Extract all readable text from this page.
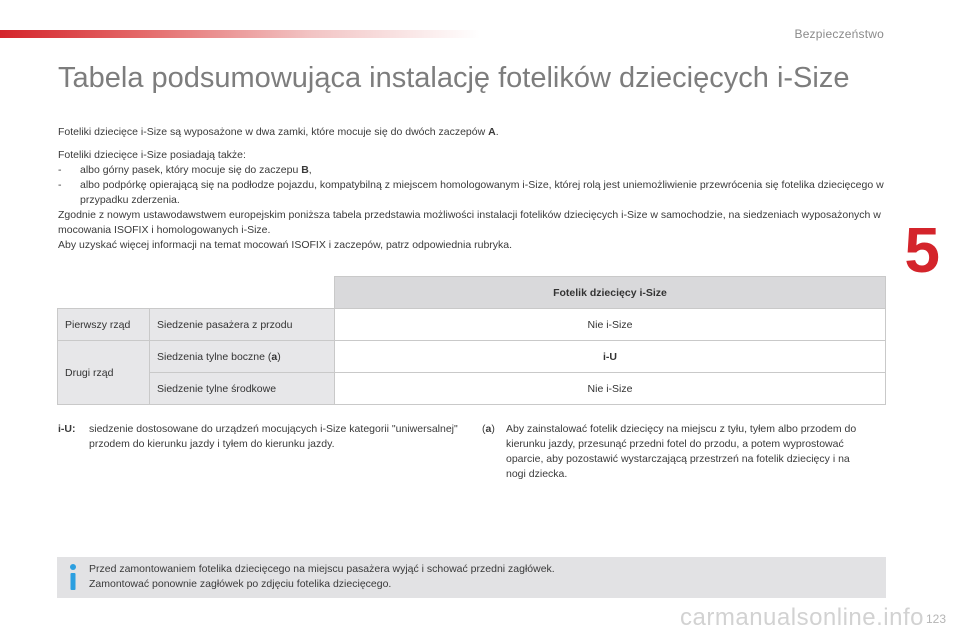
Bezpieczeństwo
5
123
Tabela podsumowująca instalację fotelików dziecięcych i-Size

Foteliki dziecięce i-Size są wyposażone w dwa zamki, które mocuje się do dwóch zaczepów A.

Foteliki dziecięce i-Size posiadają także:

-	albo górny pasek, który mocuje się do zaczepu B,
-	albo podpórkę opierającą się na podłodze pojazdu, kompatybilną z miejscem homologowanym i-Size, której rolą jest uniemożliwienie przewrócenia się fotelika dziecięcego w przypadku zderzenia.

Zgodnie z nowym ustawodawstwem europejskim poniższa tabela przedstawia możliwości instalacji fotelików dziecięcych i-Size w samochodzie, na siedzeniach wyposażonych w mocowania ISOFIX i homologowanych i-Size.

Aby uzyskać więcej informacji na temat mocowań ISOFIX i zaczepów, patrz odpowiednia rubryka.

		Fotelik dziecięcy i-Size
Pierwszy rząd	Siedzenie pasażera z przodu	Nie i-Size
Drugi rząd	Siedzenia tylne boczne (a)	i-U
	Siedzenie tylne środkowe	Nie i-Size
i-U:	siedzenie dostosowane do urządzeń mocujących i-Size kategorii "uniwersalnej" przodem do kierunku jazdy i tyłem do kierunku jazdy.
(a)	Aby zainstalować fotelik dziecięcy na miejscu z tyłu, tyłem albo przodem do kierunku jazdy, przesunąć przedni fotel do przodu, a potem wyprostować oparcie, aby pozostawić wystarczającą przestrzeń na fotelik dziecięcy i na nogi dziecka.
Przed zamontowaniem fotelika dziecięcego na miejscu pasażera wyjąć i schować przedni zagłówek.
Zamontować ponownie zagłówek po zdjęciu fotelika dziecięcego.
carmanualsonline.info
